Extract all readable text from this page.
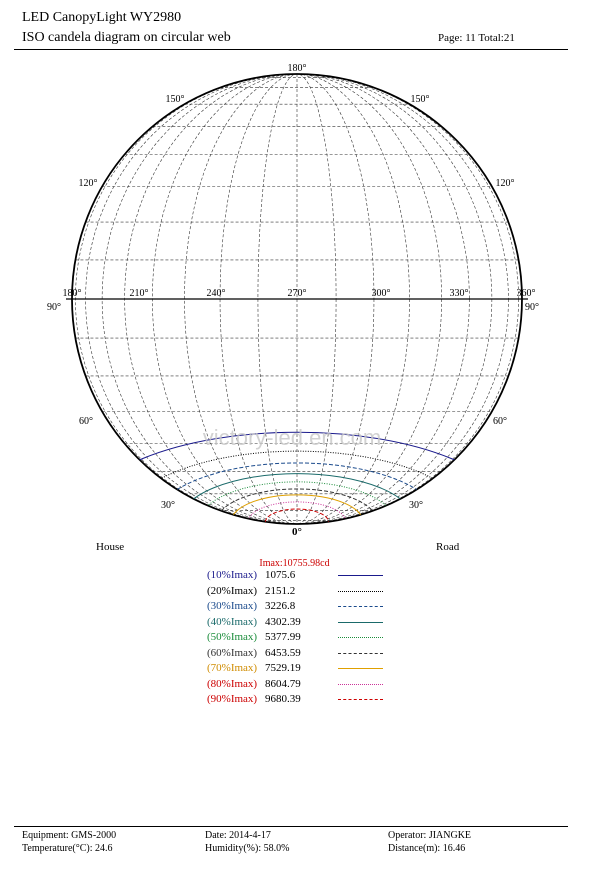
LED CanopyLight WY2980
ISO candela diagram on circular web	Page: 11 Total:21
victory-led.en.com
180°
150°	150°
120°	120°
90°	90°
60°	60°
30°	30°
0°
180°	210°	240°	270°	300°	330°	360°
House	Road
Imax:10755.98cd
(10%Imax) 1075.6
(20%Imax) 2151.2
(30%Imax) 3226.8
(40%Imax) 4302.39
(50%Imax) 5377.99
(60%Imax) 6453.59
(70%Imax) 7529.19
(80%Imax) 8604.79
(90%Imax) 9680.39
Equipment: GMS-2000
Temperature(°C): 24.6
Date: 2014-4-17
Humidity(%): 58.0%
Operator: JIANGKE
Distance(m): 16.46
